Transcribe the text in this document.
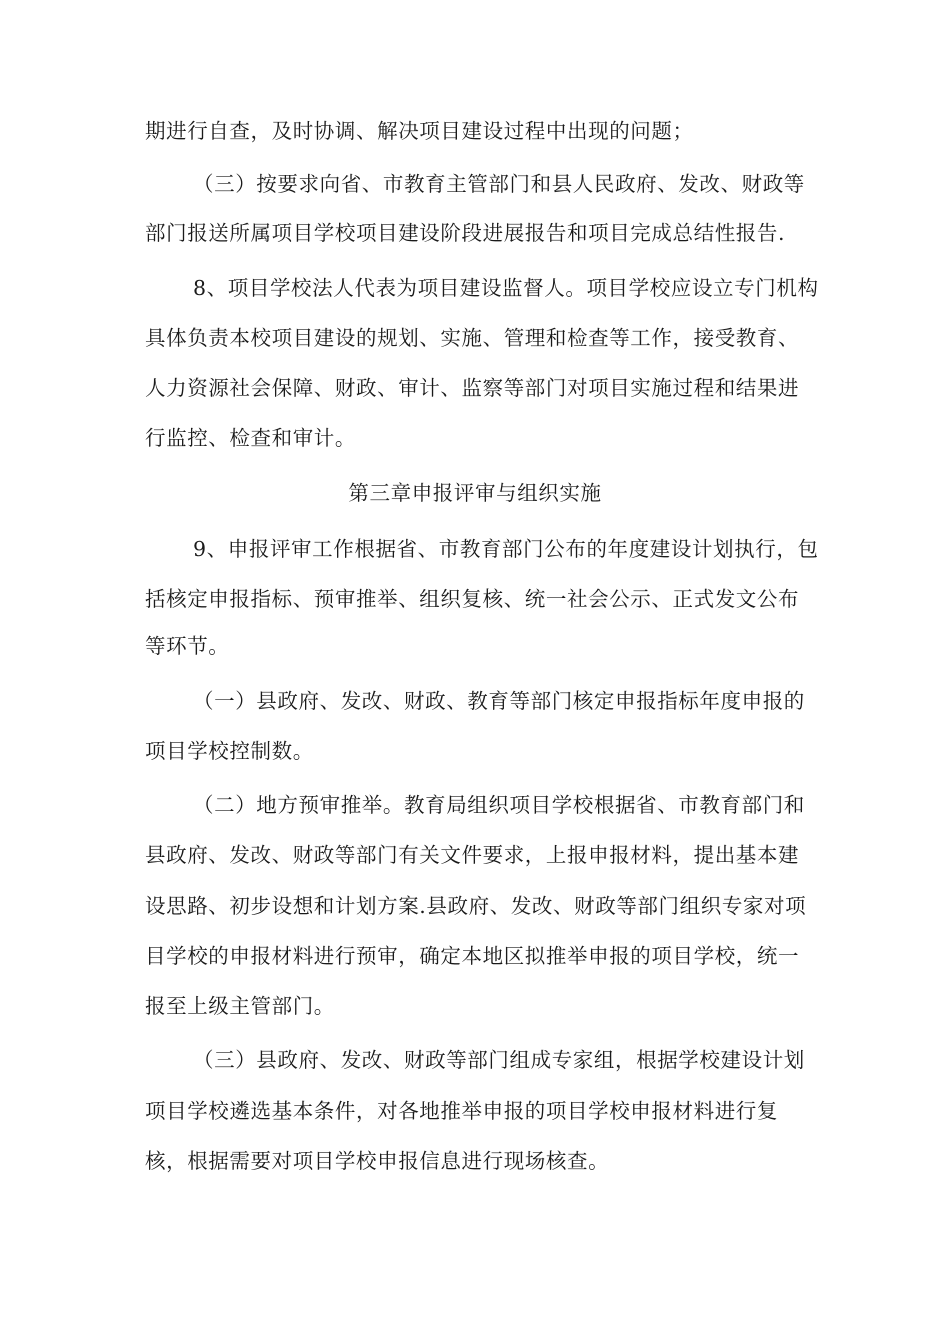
期进行自查，及时协调、解决项目建设过程中出现的问题；
（三）按要求向省、市教育主管部门和县人民政府、发改、财政等
部门报送所属项目学校项目建设阶段进展报告和项目完成总结性报告.
8、项目学校法人代表为项目建设监督人。项目学校应设立专门机构
具体负责本校项目建设的规划、实施、管理和检查等工作，接受教育、
人力资源社会保障、财政、审计、监察等部门对项目实施过程和结果进
行监控、检查和审计。
第三章申报评审与组织实施
9、申报评审工作根据省、市教育部门公布的年度建设计划执行，包
括核定申报指标、预审推举、组织复核、统一社会公示、正式发文公布
等环节。
（一）县政府、发改、财政、教育等部门核定申报指标年度申报的
项目学校控制数。
（二）地方预审推举。教育局组织项目学校根据省、市教育部门和
县政府、发改、财政等部门有关文件要求，上报申报材料，提出基本建
设思路、初步设想和计划方案.县政府、发改、财政等部门组织专家对项
目学校的申报材料进行预审，确定本地区拟推举申报的项目学校，统一
报至上级主管部门。
（三）县政府、发改、财政等部门组成专家组，根据学校建设计划
项目学校遴选基本条件，对各地推举申报的项目学校申报材料进行复
核，根据需要对项目学校申报信息进行现场核查。
